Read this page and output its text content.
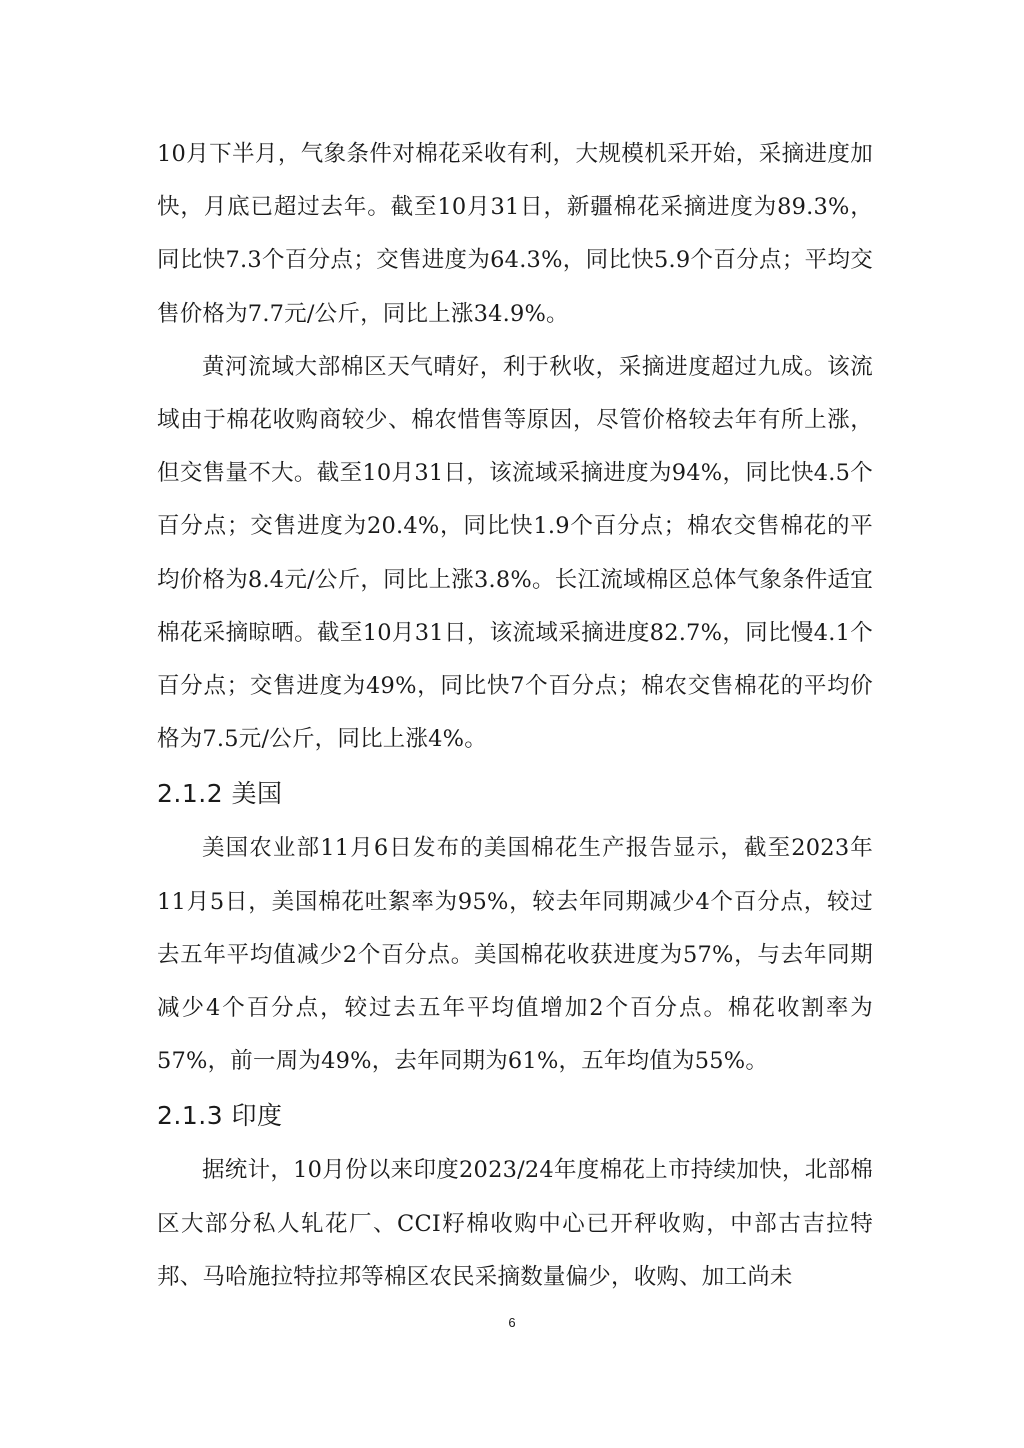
10月下半月，气象条件对棉花采收有利，大规模机采开始，采摘进度加快，月底已超过去年。截至10月31日，新疆棉花采摘进度为89.3%，同比快7.3个百分点；交售进度为64.3%，同比快5.9个百分点；平均交售价格为7.7元/公斤，同比上涨34.9%。

黄河流域大部棉区天气晴好，利于秋收，采摘进度超过九成。该流域由于棉花收购商较少、棉农惜售等原因，尽管价格较去年有所上涨，但交售量不大。截至10月31日，该流域采摘进度为94%，同比快4.5个百分点；交售进度为20.4%，同比快1.9个百分点；棉农交售棉花的平均价格为8.4元/公斤，同比上涨3.8%。长江流域棉区总体气象条件适宜棉花采摘晾晒。截至10月31日，该流域采摘进度82.7%，同比慢4.1个百分点；交售进度为49%，同比快7个百分点；棉农交售棉花的平均价格为7.5元/公斤，同比上涨4%。

2.1.2 美国

美国农业部11月6日发布的美国棉花生产报告显示，截至2023年11月5日，美国棉花吐絮率为95%，较去年同期减少4个百分点，较过去五年平均值减少2个百分点。美国棉花收获进度为57%，与去年同期减少4个百分点，较过去五年平均值增加2个百分点。棉花收割率为57%，前一周为49%，去年同期为61%，五年均值为55%。

2.1.3 印度

据统计，10月份以来印度2023/24年度棉花上市持续加快，北部棉区大部分私人轧花厂、CCI籽棉收购中心已开秤收购，中部古吉拉特邦、马哈施拉特拉邦等棉区农民采摘数量偏少，收购、加工尚未

6
